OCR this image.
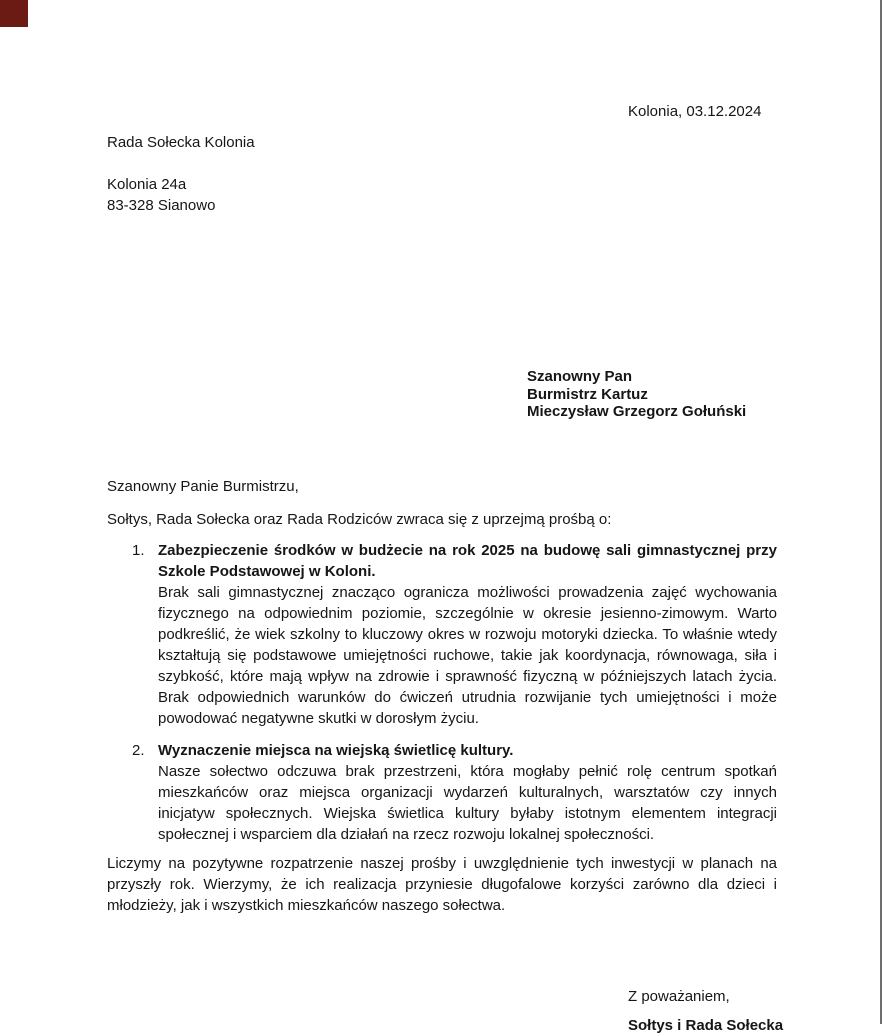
Kolonia, 03.12.2024
Rada Sołecka Kolonia
Kolonia 24a
83-328 Sianowo
Szanowny Pan
Burmistrz Kartuz
Mieczysław Grzegorz Gołuński

Szanowny Panie Burmistrzu,

Sołtys, Rada Sołecka oraz Rada Rodziców zwraca się z uprzejmą prośbą o:

1. Zabezpieczenie środków w budżecie na rok 2025 na budowę sali gimnastycznej przy Szkole Podstawowej w Koloni.
Brak sali gimnastycznej znacząco ogranicza możliwości prowadzenia zajęć wychowania fizycznego na odpowiednim poziomie, szczególnie w okresie jesienno-zimowym. Warto podkreślić, że wiek szkolny to kluczowy okres w rozwoju motoryki dziecka. To właśnie wtedy kształtują się podstawowe umiejętności ruchowe, takie jak koordynacja, równowaga, siła i szybkość, które mają wpływ na zdrowie i sprawność fizyczną w późniejszych latach życia. Brak odpowiednich warunków do ćwiczeń utrudnia rozwijanie tych umiejętności i może powodować negatywne skutki w dorosłym życiu.
2. Wyznaczenie miejsca na wiejską świetlicę kultury.
Nasze sołectwo odczuwa brak przestrzeni, która mogłaby pełnić rolę centrum spotkań mieszkańców oraz miejsca organizacji wydarzeń kulturalnych, warsztatów czy innych inicjatyw społecznych. Wiejska świetlica kultury byłaby istotnym elementem integracji społecznej i wsparciem dla działań na rzecz rozwoju lokalnej społeczności.

Liczymy na pozytywne rozpatrzenie naszej prośby i uwzględnienie tych inwestycji w planach na przyszły rok. Wierzymy, że ich realizacja przyniesie długofalowe korzyści zarówno dla dzieci i młodzieży, jak i wszystkich mieszkańców naszego sołectwa.

Z poważaniem,
Sołtys i Rada Sołecka
